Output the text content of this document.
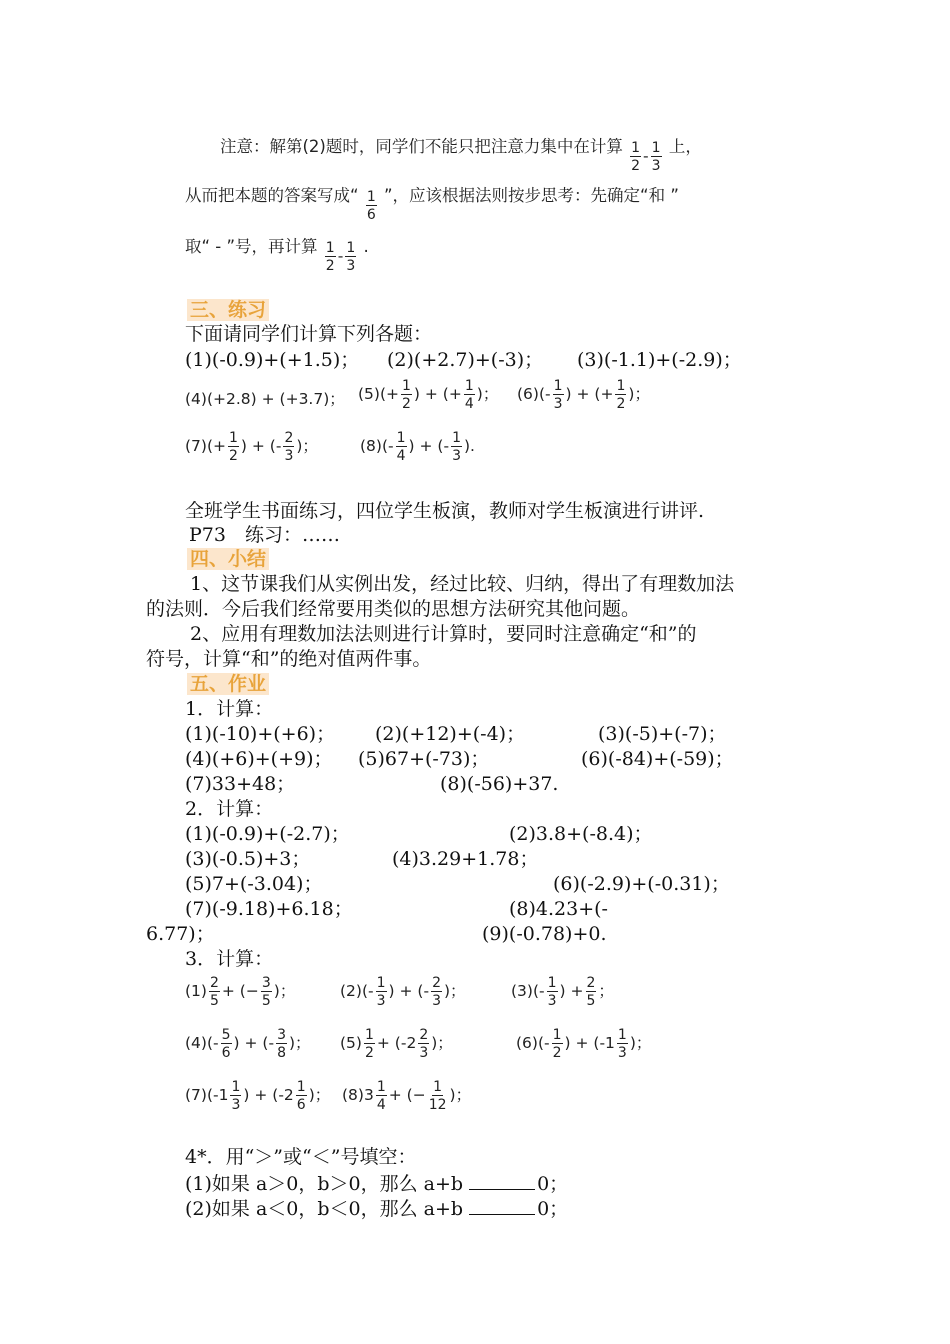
注意：解第(2)题时，同学们不能只把注意力集中在计算 $\frac{1}{2} - \frac{1}{3}$ 上，
从而把本题的答案写成“ $\frac{1}{6}$ ”，应该根据法则按步思考：先确定“和 ”
取“ - ”号，再计算 $\frac{1}{2} - \frac{1}{3}$ .
三、练习
下面请同学们计算下列各题：
(1)(-0.9)+(+1.5)； (2)(+2.7)+(-3)； (3)(-1.1)+(-2.9)；
(4)(+2.8) + (+3.7)； $(5)(+ \frac{1}{2}$ ) + (+ $\frac{1}{4}$ )； $(6)(- \frac{1}{3}$ ) + (+ $\frac{1}{2}$ )；
$(7)(+ \frac{1}{2}$ ) + (- $\frac{2}{3}$ )；	$(8)(- \frac{1}{4}$ ) + (- $\frac{1}{3}$ ).
全班学生书面练习，四位学生板演，教师对学生板演进行讲评.
P73　练习：……
四、小结
1、这节课我们从实例出发，经过比较、归纳，得出了有理数加法
的法则．今后我们经常要用类似的思想方法研究其他问题。
2、应用有理数加法法则进行计算时，要同时注意确定“和”的
符号，计算“和”的绝对值两件事。
五、作业
1．计算：
(1)(-10)+(+6)； (2)(+12)+(-4)；	(3)(-5)+(-7)；
(4)(+6)+(+9)； (5)67+(-73)；	(6)(-84)+(-59)；
(7)33+48；	(8)(-56)+37.
2．计算：
(1)(-0.9)+(-2.7)；	(2)3.8+(-8.4)；
(3)(-0.5)+3；	(4)3.29+1.78；
(5)7+(-3.04)；	(6)(-2.9)+(-0.31)；
(7)(-9.18)+6.18；	(8)4.23+(-
6.77)；	(9)(-0.78)+0.
3．计算：
$(1) \frac{2}{5}$ + (− $\frac{3}{5}$ )；	$(2)(- \frac{1}{3}$ ) + (- $\frac{2}{3}$ )；	$(3)(- \frac{1}{3}$ ) + $\frac{2}{5}$ ；
$(4)(- \frac{5}{6}$ ) + (- $\frac{3}{8}$ )； $(5) \frac{1}{2} + (-2 \frac{2}{3}$ )；	$(6)(- \frac{1}{2}$ ) + ($-1 \frac{1}{3}$ )；
$(7)(-1 \frac{1}{3}$ ) + ($-2 \frac{1}{6}$ )； $(8)3 \frac{1}{4}$ + (− $\frac{1}{12}$ )；
4*．用“＞”或“＜”号填空：
(1)如果 a＞0，b＞0，那么 a+b	0；
(2)如果 a＜0，b＜0，那么 a+b	0；
